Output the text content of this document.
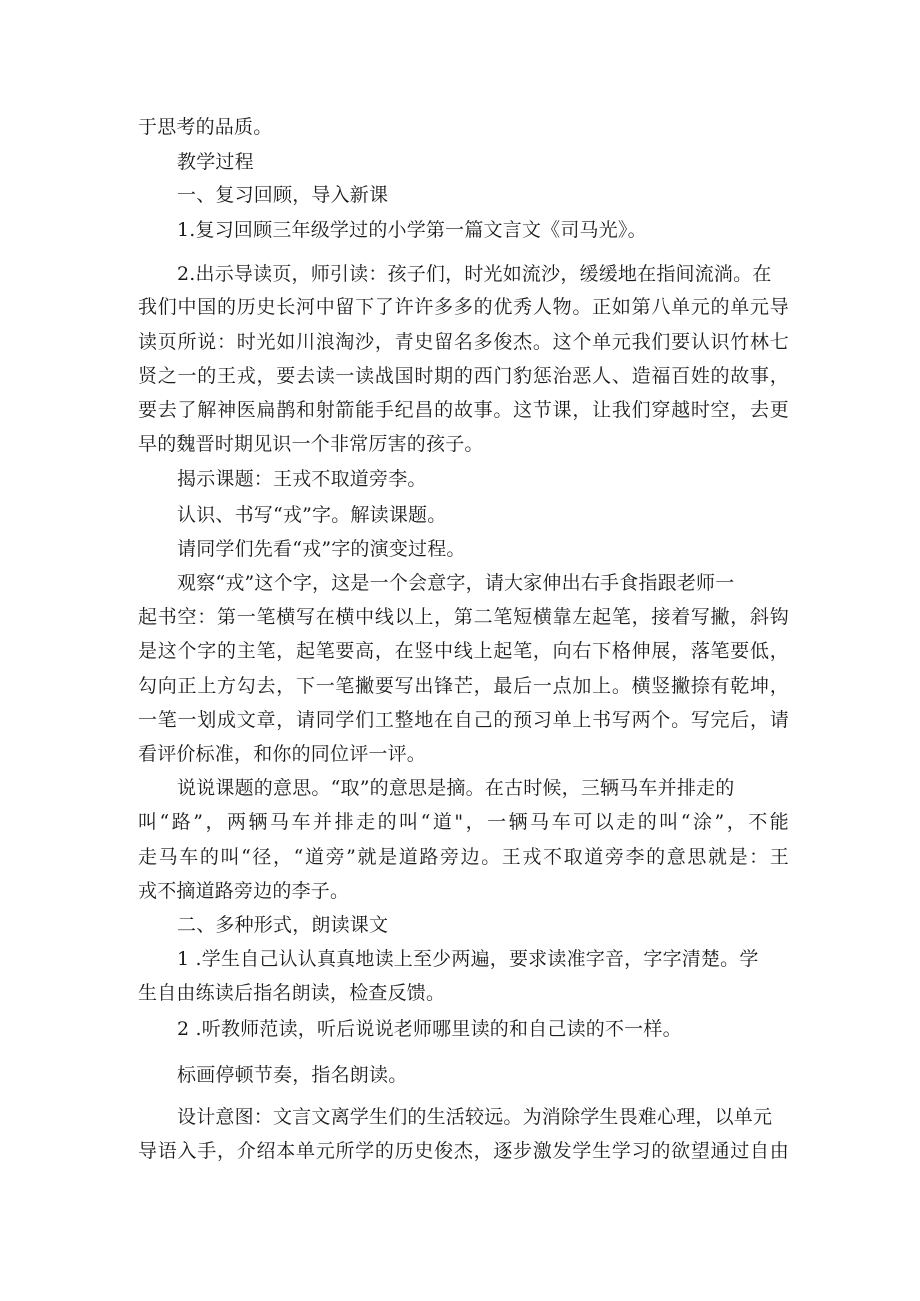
于思考的品质。
教学过程
一、复习回顾，导入新课
1.复习回顾三年级学过的小学第一篇文言文《司马光》。
2.出示导读页，师引读：孩子们，时光如流沙，缓缓地在指间流淌。在
我们中国的历史长河中留下了许许多多的优秀人物。正如第八单元的单元导
读页所说：时光如川浪淘沙，青史留名多俊杰。这个单元我们要认识竹林七
贤之一的王戎，要去读一读战国时期的西门豹惩治恶人、造福百姓的故事，
要去了解神医扁鹊和射箭能手纪昌的故事。这节课，让我们穿越时空，去更
早的魏晋时期见识一个非常厉害的孩子。
揭示课题：王戎不取道旁李。
认识、书写“戎”字。解读课题。
请同学们先看“戎”字的演变过程。
观察“戎”这个字，这是一个会意字，请大家伸出右手食指跟老师一
起书空：第一笔横写在横中线以上，第二笔短横靠左起笔，接着写撇，斜钩
是这个字的主笔，起笔要高，在竖中线上起笔，向右下格伸展，落笔要低，
勾向正上方勾去，下一笔撇要写出锋芒，最后一点加上。横竖撇捺有乾坤，
一笔一划成文章，请同学们工整地在自己的预习单上书写两个。写完后，请
看评价标准，和你的同位评一评。
说说课题的意思。“取”的意思是摘。在古时候，三辆马车并排走的
叫“路”，两辆马车并排走的叫“道"，一辆马车可以走的叫“涂”，不能
走马车的叫“径，“道旁”就是道路旁边。王戎不取道旁李的意思就是：王
戎不摘道路旁边的李子。
二、多种形式，朗读课文
1 .学生自己认认真真地读上至少两遍，要求读准字音，字字清楚。学
生自由练读后指名朗读，检查反馈。
2 .听教师范读，听后说说老师哪里读的和自己读的不一样。
标画停顿节奏，指名朗读。
设计意图：文言文离学生们的生活较远。为消除学生畏难心理，以单元
导语入手，介绍本单元所学的历史俊杰，逐步激发学生学习的欲望通过自由
